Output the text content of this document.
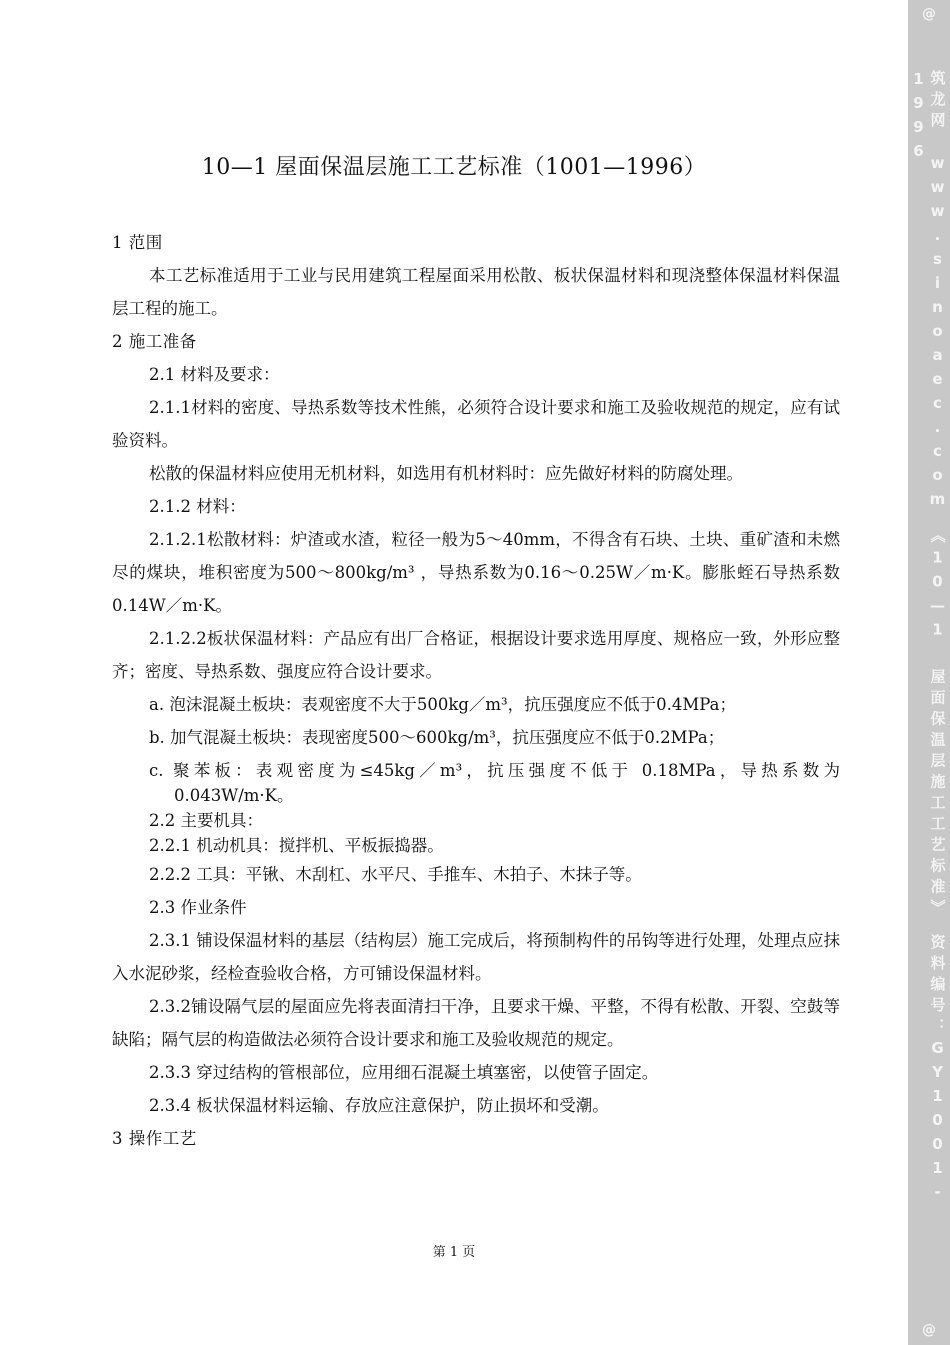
10—1 屋面保温层施工工艺标准（1001—1996）

1 范围

本工艺标准适用于工业与民用建筑工程屋面采用松散、板状保温材料和现浇整体保温材料保温层工程的施工。

2 施工准备

2.1 材料及要求：

2.1.1材料的密度、导热系数等技术性熊，必须符合设计要求和施工及验收规范的规定，应有试验资料。

松散的保温材料应使用无机材料，如选用有机材料时：应先做好材料的防腐处理。

2.1.2 材料：

2.1.2.1松散材料：炉渣或水渣，粒径一般为5～40mm，不得含有石块、土块、重矿渣和未燃尽的煤块，堆积密度为500～800kg/m³ ，导热系数为0.16～0.25W／m·K。膨胀蛭石导热系数0.14W／m·K。

2.1.2.2板状保温材料：产品应有出厂合格证，根据设计要求选用厚度、规格应一致，外形应整齐；密度、导热系数、强度应符合设计要求。

a. 泡沫混凝土板块：表观密度不大于500kg／m³，抗压强度应不低于0.4MPa；

b. 加气混凝土板块：表现密度500～600kg/m³，抗压强度应不低于0.2MPa；

c. 聚苯板：表观密度为≤45kg／m³，抗压强度不低于 0.18MPa，导热系数为0.043W/m·K。

2.2 主要机具：

2.2.1 机动机具：搅拌机、平板振捣器。

2.2.2 工具：平锹、木刮杠、水平尺、手推车、木拍子、木抹子等。

2.3 作业条件

2.3.1 铺设保温材料的基层（结构层）施工完成后，将预制构件的吊钩等进行处理，处理点应抹入水泥砂浆，经检查验收合格，方可铺设保温材料。

2.3.2铺设隔气层的屋面应先将表面清扫干净，且要求干燥、平整，不得有松散、开裂、空鼓等缺陷；隔气层的构造做法必须符合设计要求和施工及验收规范的规定。

2.3.3 穿过结构的管根部位，应用细石混凝土填塞密，以使管子固定。

2.3.4 板状保温材料运输、存放应注意保护，防止损坏和受潮。

3 操作工艺

第 1 页
@
筑龙网　www.sinoaec.com　《10—1 屋面保温层施工工艺标准》　资料编号：GY1001-1996
@
